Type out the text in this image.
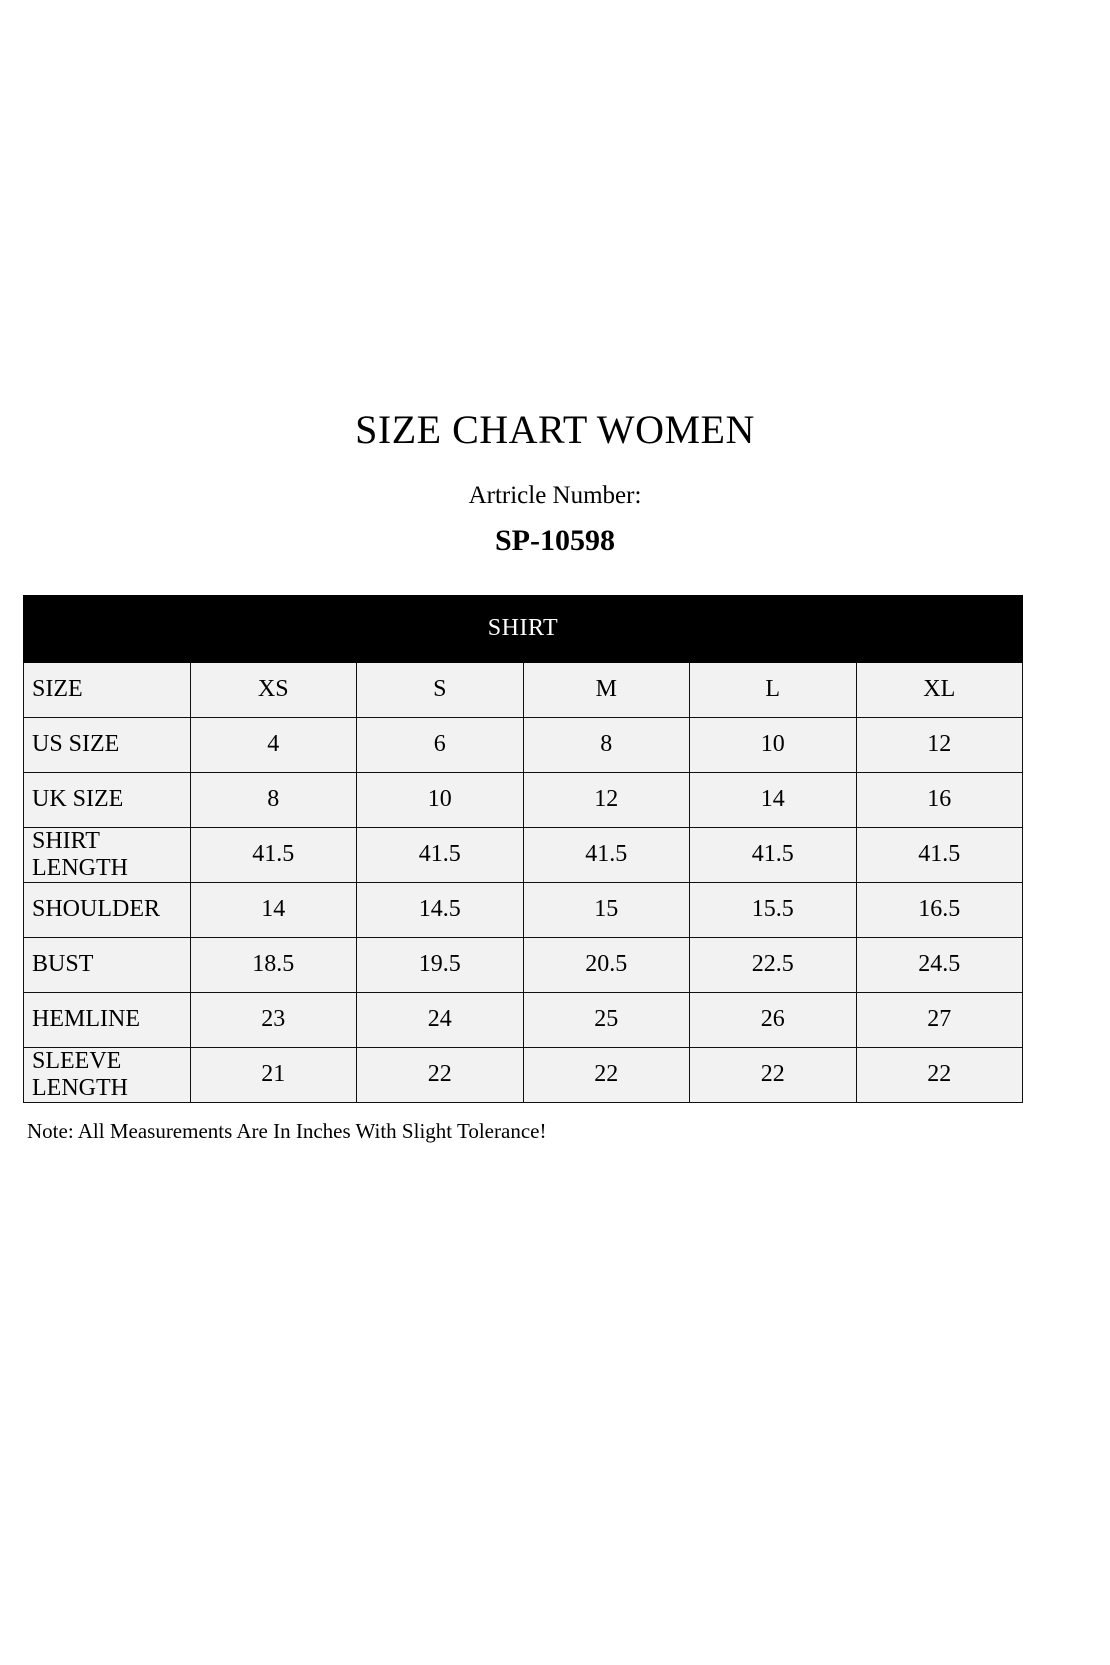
SIZE CHART WOMEN
Artricle Number:
SP-10598
SHIRT					
SIZE	XS	S	M	L	XL
US SIZE	4	6	8	10	12
UK SIZE	8	10	12	14	16
SHIRT LENGTH	41.5	41.5	41.5	41.5	41.5
SHOULDER	14	14.5	15	15.5	16.5
BUST	18.5	19.5	20.5	22.5	24.5
HEMLINE	23	24	25	26	27
SLEEVE LENGTH	21	22	22	22	22
Note: All Measurements Are In Inches With Slight Tolerance!
